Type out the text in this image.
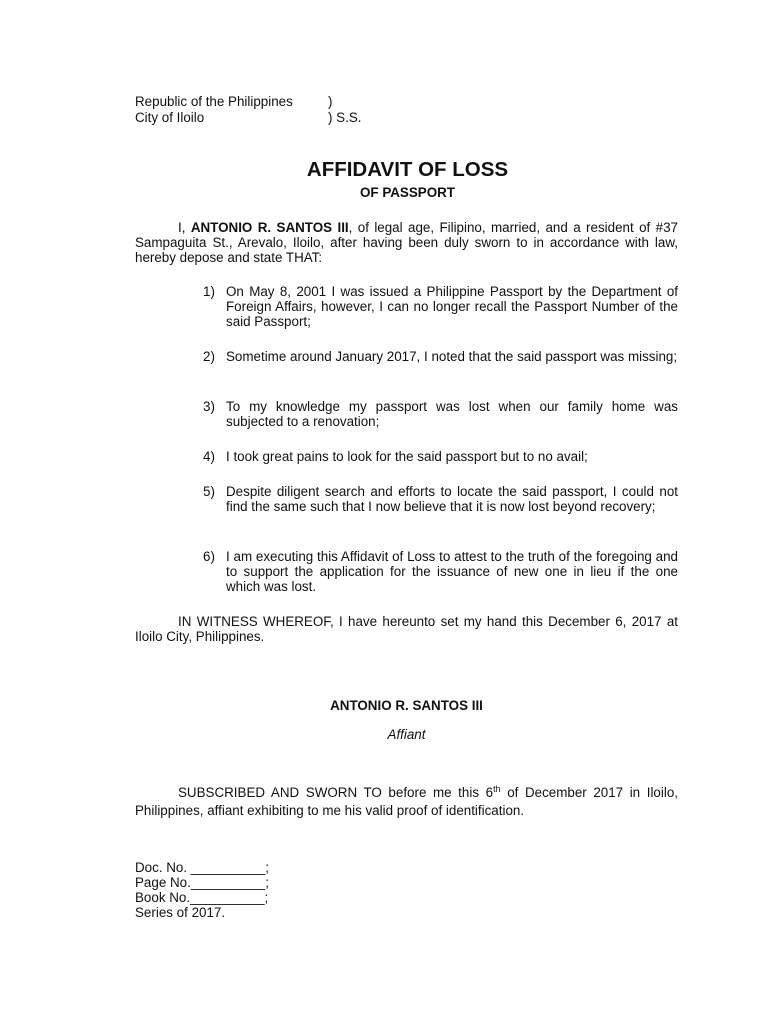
Republic of the Philippines	)
City of Iloilo	) S.S.
AFFIDAVIT OF LOSS
OF PASSPORT
I, ANTONIO R. SANTOS III, of legal age, Filipino, married, and a resident of #37 Sampaguita St., Arevalo, Iloilo, after having been duly sworn to in accordance with law, hereby depose and state THAT:
1) On May 8, 2001 I was issued a Philippine Passport by the Department of Foreign Affairs, however, I can no longer recall the Passport Number of the said Passport;
2) Sometime around January 2017, I noted that the said passport was missing;
3) To my knowledge my passport was lost when our family home was subjected to a renovation;
4) I took great pains to look for the said passport but to no avail;
5) Despite diligent search and efforts to locate the said passport, I could not find the same such that I now believe that it is now lost beyond recovery;
6) I am executing this Affidavit of Loss to attest to the truth of the foregoing and to support the application for the issuance of new one in lieu if the one which was lost.
IN WITNESS WHEREOF, I have hereunto set my hand this December 6, 2017 at Iloilo City, Philippines.
ANTONIO R. SANTOS III
Affiant
SUBSCRIBED AND SWORN TO before me this 6th of December 2017 in Iloilo, Philippines, affiant exhibiting to me his valid proof of identification.
Doc. No. __________;
Page No.__________;
Book No.__________;
Series of 2017.
